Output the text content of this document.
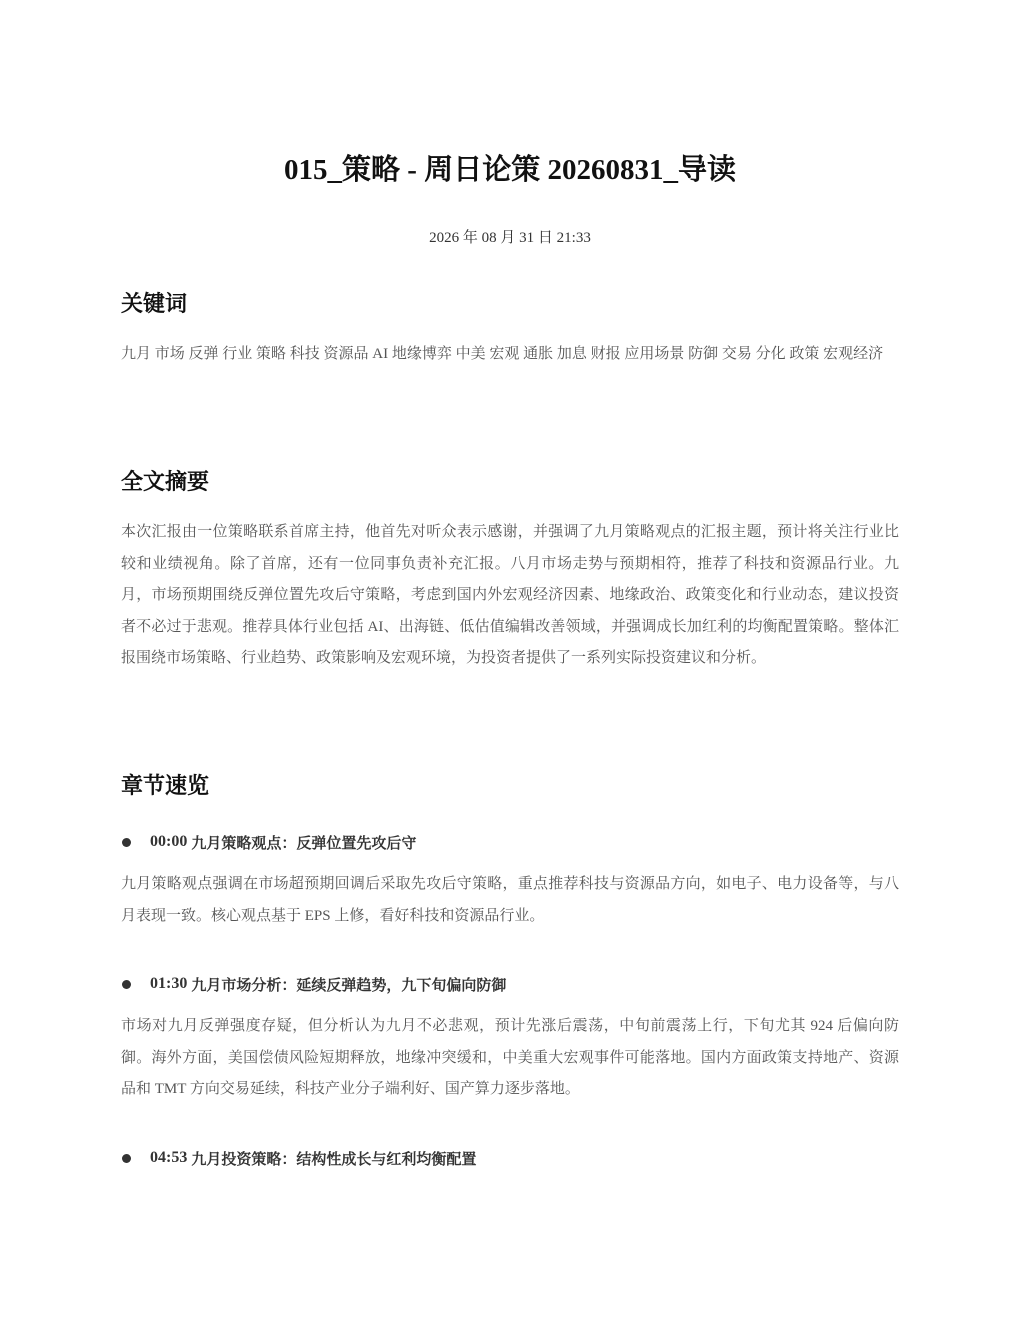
015_策略 - 周日论策 20260831_导读
2026 年 08 月 31 日 21:33
关键词

九月 市场 反弹 行业 策略 科技 资源品 AI 地缘博弈 中美 宏观 通胀 加息 财报 应用场景 防御 交易 分化 政策 宏观经济

全文摘要

本次汇报由一位策略联系首席主持，他首先对听众表示感谢，并强调了九月策略观点的汇报主题，预计将关注行业比较和业绩视角。除了首席，还有一位同事负责补充汇报。八月市场走势与预期相符，推荐了科技和资源品行业。九月，市场预期围绕反弹位置先攻后守策略，考虑到国内外宏观经济因素、地缘政治、政策变化和行业动态，建议投资者不必过于悲观。推荐具体行业包括 AI、出海链、低估值编辑改善领域，并强调成长加红利的均衡配置策略。整体汇报围绕市场策略、行业趋势、政策影响及宏观环境，为投资者提供了一系列实际投资建议和分析。

章节速览
00:00 九月策略观点：反弹位置先攻后守

九月策略观点强调在市场超预期回调后采取先攻后守策略，重点推荐科技与资源品方向，如电子、电力设备等，与八月表现一致。核心观点基于 EPS 上修，看好科技和资源品行业。

01:30 九月市场分析：延续反弹趋势，九下旬偏向防御

市场对九月反弹强度存疑，但分析认为九月不必悲观，预计先涨后震荡，中旬前震荡上行，下旬尤其 924 后偏向防御。海外方面，美国偿债风险短期释放，地缘冲突缓和，中美重大宏观事件可能落地。国内方面政策支持地产、资源品和 TMT 方向交易延续，科技产业分子端利好、国产算力逐步落地。

04:53 九月投资策略：结构性成长与红利均衡配置
